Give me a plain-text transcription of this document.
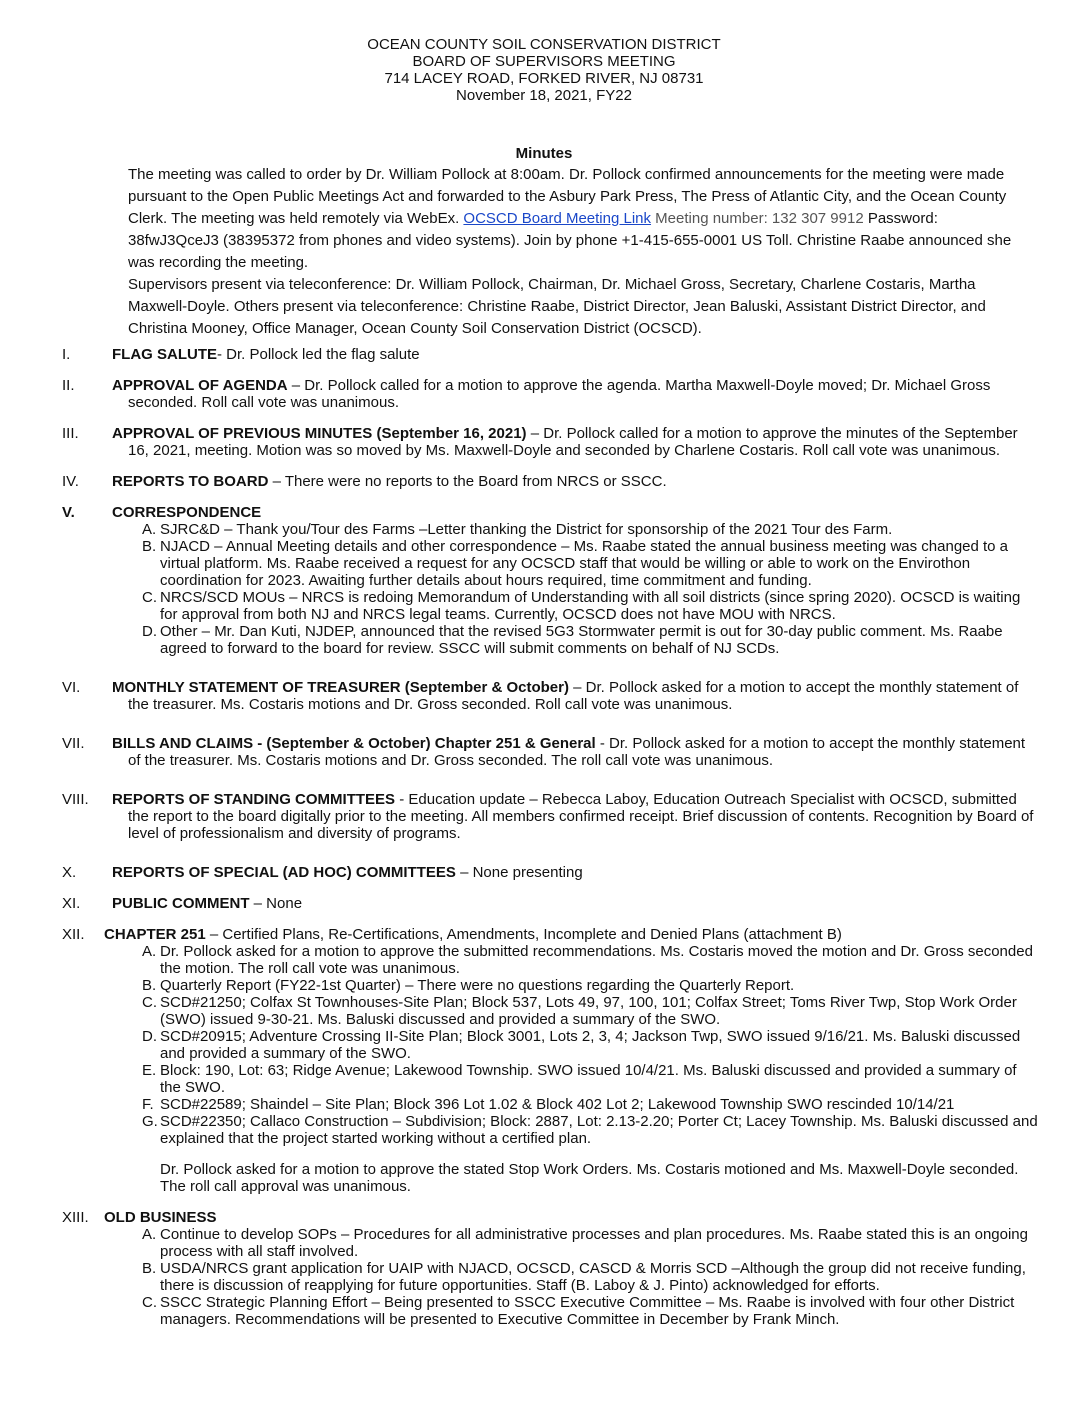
OCEAN COUNTY SOIL CONSERVATION DISTRICT
BOARD OF SUPERVISORS MEETING
714 LACEY ROAD, FORKED RIVER, NJ 08731
November 18, 2021, FY22
Minutes

The meeting was called to order by Dr. William Pollock at 8:00am. Dr. Pollock confirmed announcements for the meeting were made pursuant to the Open Public Meetings Act and forwarded to the Asbury Park Press, The Press of Atlantic City, and the Ocean County Clerk. The meeting was held remotely via WebEx. OCSCD Board Meeting Link Meeting number: 132 307 9912 Password: 38fwJ3QceJ3 (38395372 from phones and video systems). Join by phone +1-415-655-0001 US Toll. Christine Raabe announced she was recording the meeting.

Supervisors present via teleconference: Dr. William Pollock, Chairman, Dr. Michael Gross, Secretary, Charlene Costaris, Martha Maxwell-Doyle. Others present via teleconference: Christine Raabe, District Director, Jean Baluski, Assistant District Director, and Christina Mooney, Office Manager, Ocean County Soil Conservation District (OCSCD).

I.	FLAG SALUTE- Dr. Pollock led the flag salute
II. APPROVAL OF AGENDA – Dr. Pollock called for a motion to approve the agenda. Martha Maxwell-Doyle moved; Dr. Michael Gross seconded. Roll call vote was unanimous.
III. APPROVAL OF PREVIOUS MINUTES (September 16, 2021) – Dr. Pollock called for a motion to approve the minutes of the September 16, 2021, meeting. Motion was so moved by Ms. Maxwell-Doyle and seconded by Charlene Costaris. Roll call vote was unanimous.
IV. REPORTS TO BOARD – There were no reports to the Board from NRCS or SSCC.
V. CORRESPONDENCE
A. SJRC&D – Thank you/Tour des Farms –Letter thanking the District for sponsorship of the 2021 Tour des Farm.
B. NJACD – Annual Meeting details and other correspondence – Ms. Raabe stated the annual business meeting was changed to a virtual platform. Ms. Raabe received a request for any OCSCD staff that would be willing or able to work on the Envirothon coordination for 2023. Awaiting further details about hours required, time commitment and funding.
C. NRCS/SCD MOUs – NRCS is redoing Memorandum of Understanding with all soil districts (since spring 2020). OCSCD is waiting for approval from both NJ and NRCS legal teams. Currently, OCSCD does not have MOU with NRCS.
D. Other – Mr. Dan Kuti, NJDEP, announced that the revised 5G3 Stormwater permit is out for 30-day public comment. Ms. Raabe agreed to forward to the board for review. SSCC will submit comments on behalf of NJ SCDs.
VI. MONTHLY STATEMENT OF TREASURER (September & October) – Dr. Pollock asked for a motion to accept the monthly statement of the treasurer. Ms. Costaris motions and Dr. Gross seconded. Roll call vote was unanimous.
VII. BILLS AND CLAIMS - (September & October) Chapter 251 & General - Dr. Pollock asked for a motion to accept the monthly statement of the treasurer. Ms. Costaris motions and Dr. Gross seconded. The roll call vote was unanimous.
VIII. REPORTS OF STANDING COMMITTEES - Education update – Rebecca Laboy, Education Outreach Specialist with OCSCD, submitted the report to the board digitally prior to the meeting. All members confirmed receipt. Brief discussion of contents. Recognition by Board of level of professionalism and diversity of programs.
X. REPORTS OF SPECIAL (AD HOC) COMMITTEES – None presenting
XI. PUBLIC COMMENT – None
XII. CHAPTER 251 – Certified Plans, Re-Certifications, Amendments, Incomplete and Denied Plans (attachment B)
A. Dr. Pollock asked for a motion to approve the submitted recommendations. Ms. Costaris moved the motion and Dr. Gross seconded the motion. The roll call vote was unanimous.
B. Quarterly Report (FY22-1st Quarter) – There were no questions regarding the Quarterly Report.
C. SCD#21250; Colfax St Townhouses-Site Plan; Block 537, Lots 49, 97, 100, 101; Colfax Street; Toms River Twp, Stop Work Order (SWO) issued 9-30-21. Ms. Baluski discussed and provided a summary of the SWO.
D. SCD#20915; Adventure Crossing II-Site Plan; Block 3001, Lots 2, 3, 4; Jackson Twp, SWO issued 9/16/21. Ms. Baluski discussed and provided a summary of the SWO.
E. Block: 190, Lot: 63; Ridge Avenue; Lakewood Township. SWO issued 10/4/21. Ms. Baluski discussed and provided a summary of the SWO.
F. SCD#22589; Shaindel – Site Plan; Block 396 Lot 1.02 & Block 402 Lot 2; Lakewood Township SWO rescinded 10/14/21
G. SCD#22350; Callaco Construction – Subdivision; Block: 2887, Lot: 2.13-2.20; Porter Ct; Lacey Township. Ms. Baluski discussed and explained that the project started working without a certified plan.
Dr. Pollock asked for a motion to approve the stated Stop Work Orders. Ms. Costaris motioned and Ms. Maxwell-Doyle seconded. The roll call approval was unanimous.
XIII. OLD BUSINESS
A. Continue to develop SOPs – Procedures for all administrative processes and plan procedures. Ms. Raabe stated this is an ongoing process with all staff involved.
B. USDA/NRCS grant application for UAIP with NJACD, OCSCD, CASCD & Morris SCD –Although the group did not receive funding, there is discussion of reapplying for future opportunities. Staff (B. Laboy & J. Pinto) acknowledged for efforts.
C. SSCC Strategic Planning Effort – Being presented to SSCC Executive Committee – Ms. Raabe is involved with four other District managers. Recommendations will be presented to Executive Committee in December by Frank Minch.
